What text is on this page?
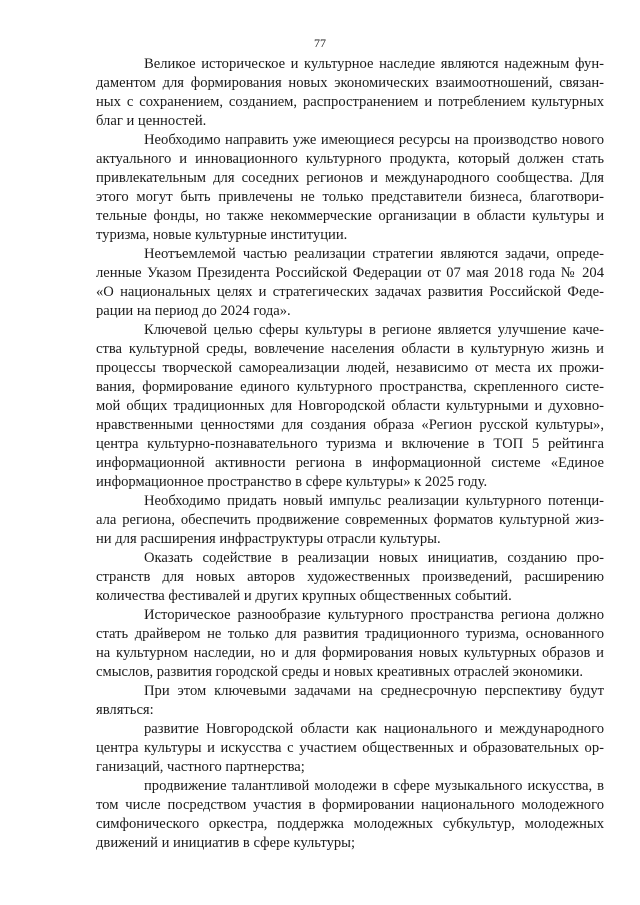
77
Великое историческое и культурное наследие являются надежным фун-
даментом для формирования новых экономических взаимоотношений, связан-
ных с сохранением, созданием, распространением и потреблением культурных
благ и ценностей.
Необходимо направить уже имеющиеся ресурсы на производство нового
актуального и инновационного культурного продукта, который должен стать
привлекательным для соседних регионов и международного сообщества. Для
этого могут быть привлечены не только представители бизнеса, благотвори-
тельные фонды, но также некоммерческие организации в области культуры и
туризма, новые культурные институции.
Неотъемлемой частью реализации стратегии являются задачи, опреде-
ленные Указом Президента Российской Федерации от 07 мая 2018 года № 204
«О национальных целях и стратегических задачах развития Российской Феде-
рации на период до 2024 года».
Ключевой целью сферы культуры в регионе является улучшение каче-
ства культурной среды, вовлечение населения области в культурную жизнь и
процессы творческой самореализации людей, независимо от места их прожи-
вания, формирование единого культурного пространства, скрепленного систе-
мой общих традиционных для Новгородской области культурными и духовно-
нравственными ценностями для создания образа «Регион русской культуры»,
центра культурно-познавательного туризма и включение в ТОП 5 рейтинга
информационной активности региона в информационной системе «Единое
информационное пространство в сфере культуры» к 2025 году.
Необходимо придать новый импульс реализации культурного потенци-
ала региона, обеспечить продвижение современных форматов культурной жиз-
ни для расширения инфраструктуры отрасли культуры.
Оказать содействие в реализации новых инициатив, созданию про-
странств для новых авторов художественных произведений, расширению
количества фестивалей и других крупных общественных событий.
Историческое разнообразие культурного пространства региона должно
стать драйвером не только для развития традиционного туризма, основанного
на культурном наследии, но и для формирования новых культурных образов и
смыслов, развития городской среды и новых креативных отраслей экономики.
При этом ключевыми задачами на среднесрочную перспективу будут
являться:
развитие Новгородской области как национального и международного
центра культуры и искусства с участием общественных и образовательных ор-
ганизаций, частного партнерства;
продвижение талантливой молодежи в сфере музыкального искусства, в
том числе посредством участия в формировании национального молодежного
симфонического оркестра, поддержка молодежных субкультур, молодежных
движений и инициатив в сфере культуры;
